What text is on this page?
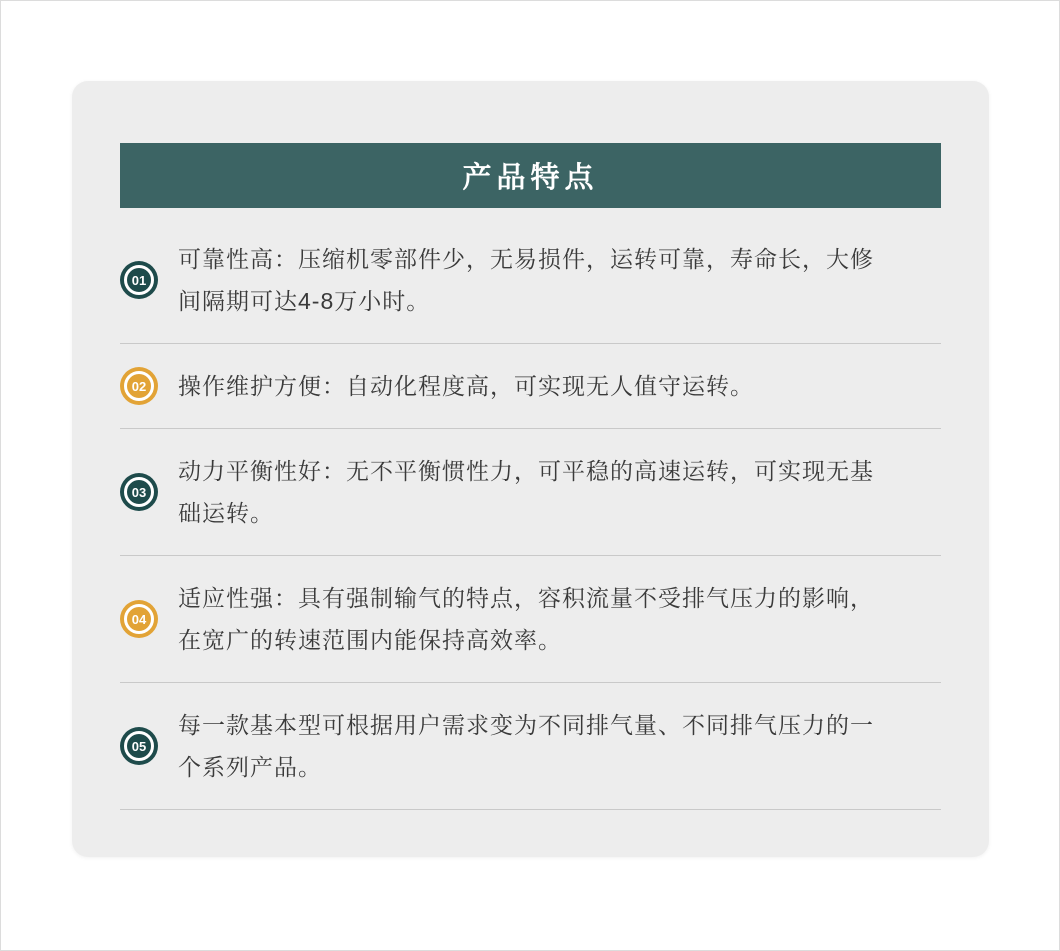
产品特点
01
可靠性高：压缩机零部件少，无易损件，运转可靠，寿命长，大修间隔期可达4-8万小时。
02	操作维护方便：自动化程度高，可实现无人值守运转。
03
动力平衡性好：无不平衡惯性力，可平稳的高速运转，可实现无基础运转。
04
适应性强：具有强制输气的特点，容积流量不受排气压力的影响，在宽广的转速范围内能保持高效率。
05
每一款基本型可根据用户需求变为不同排气量、不同排气压力的一个系列产品。
